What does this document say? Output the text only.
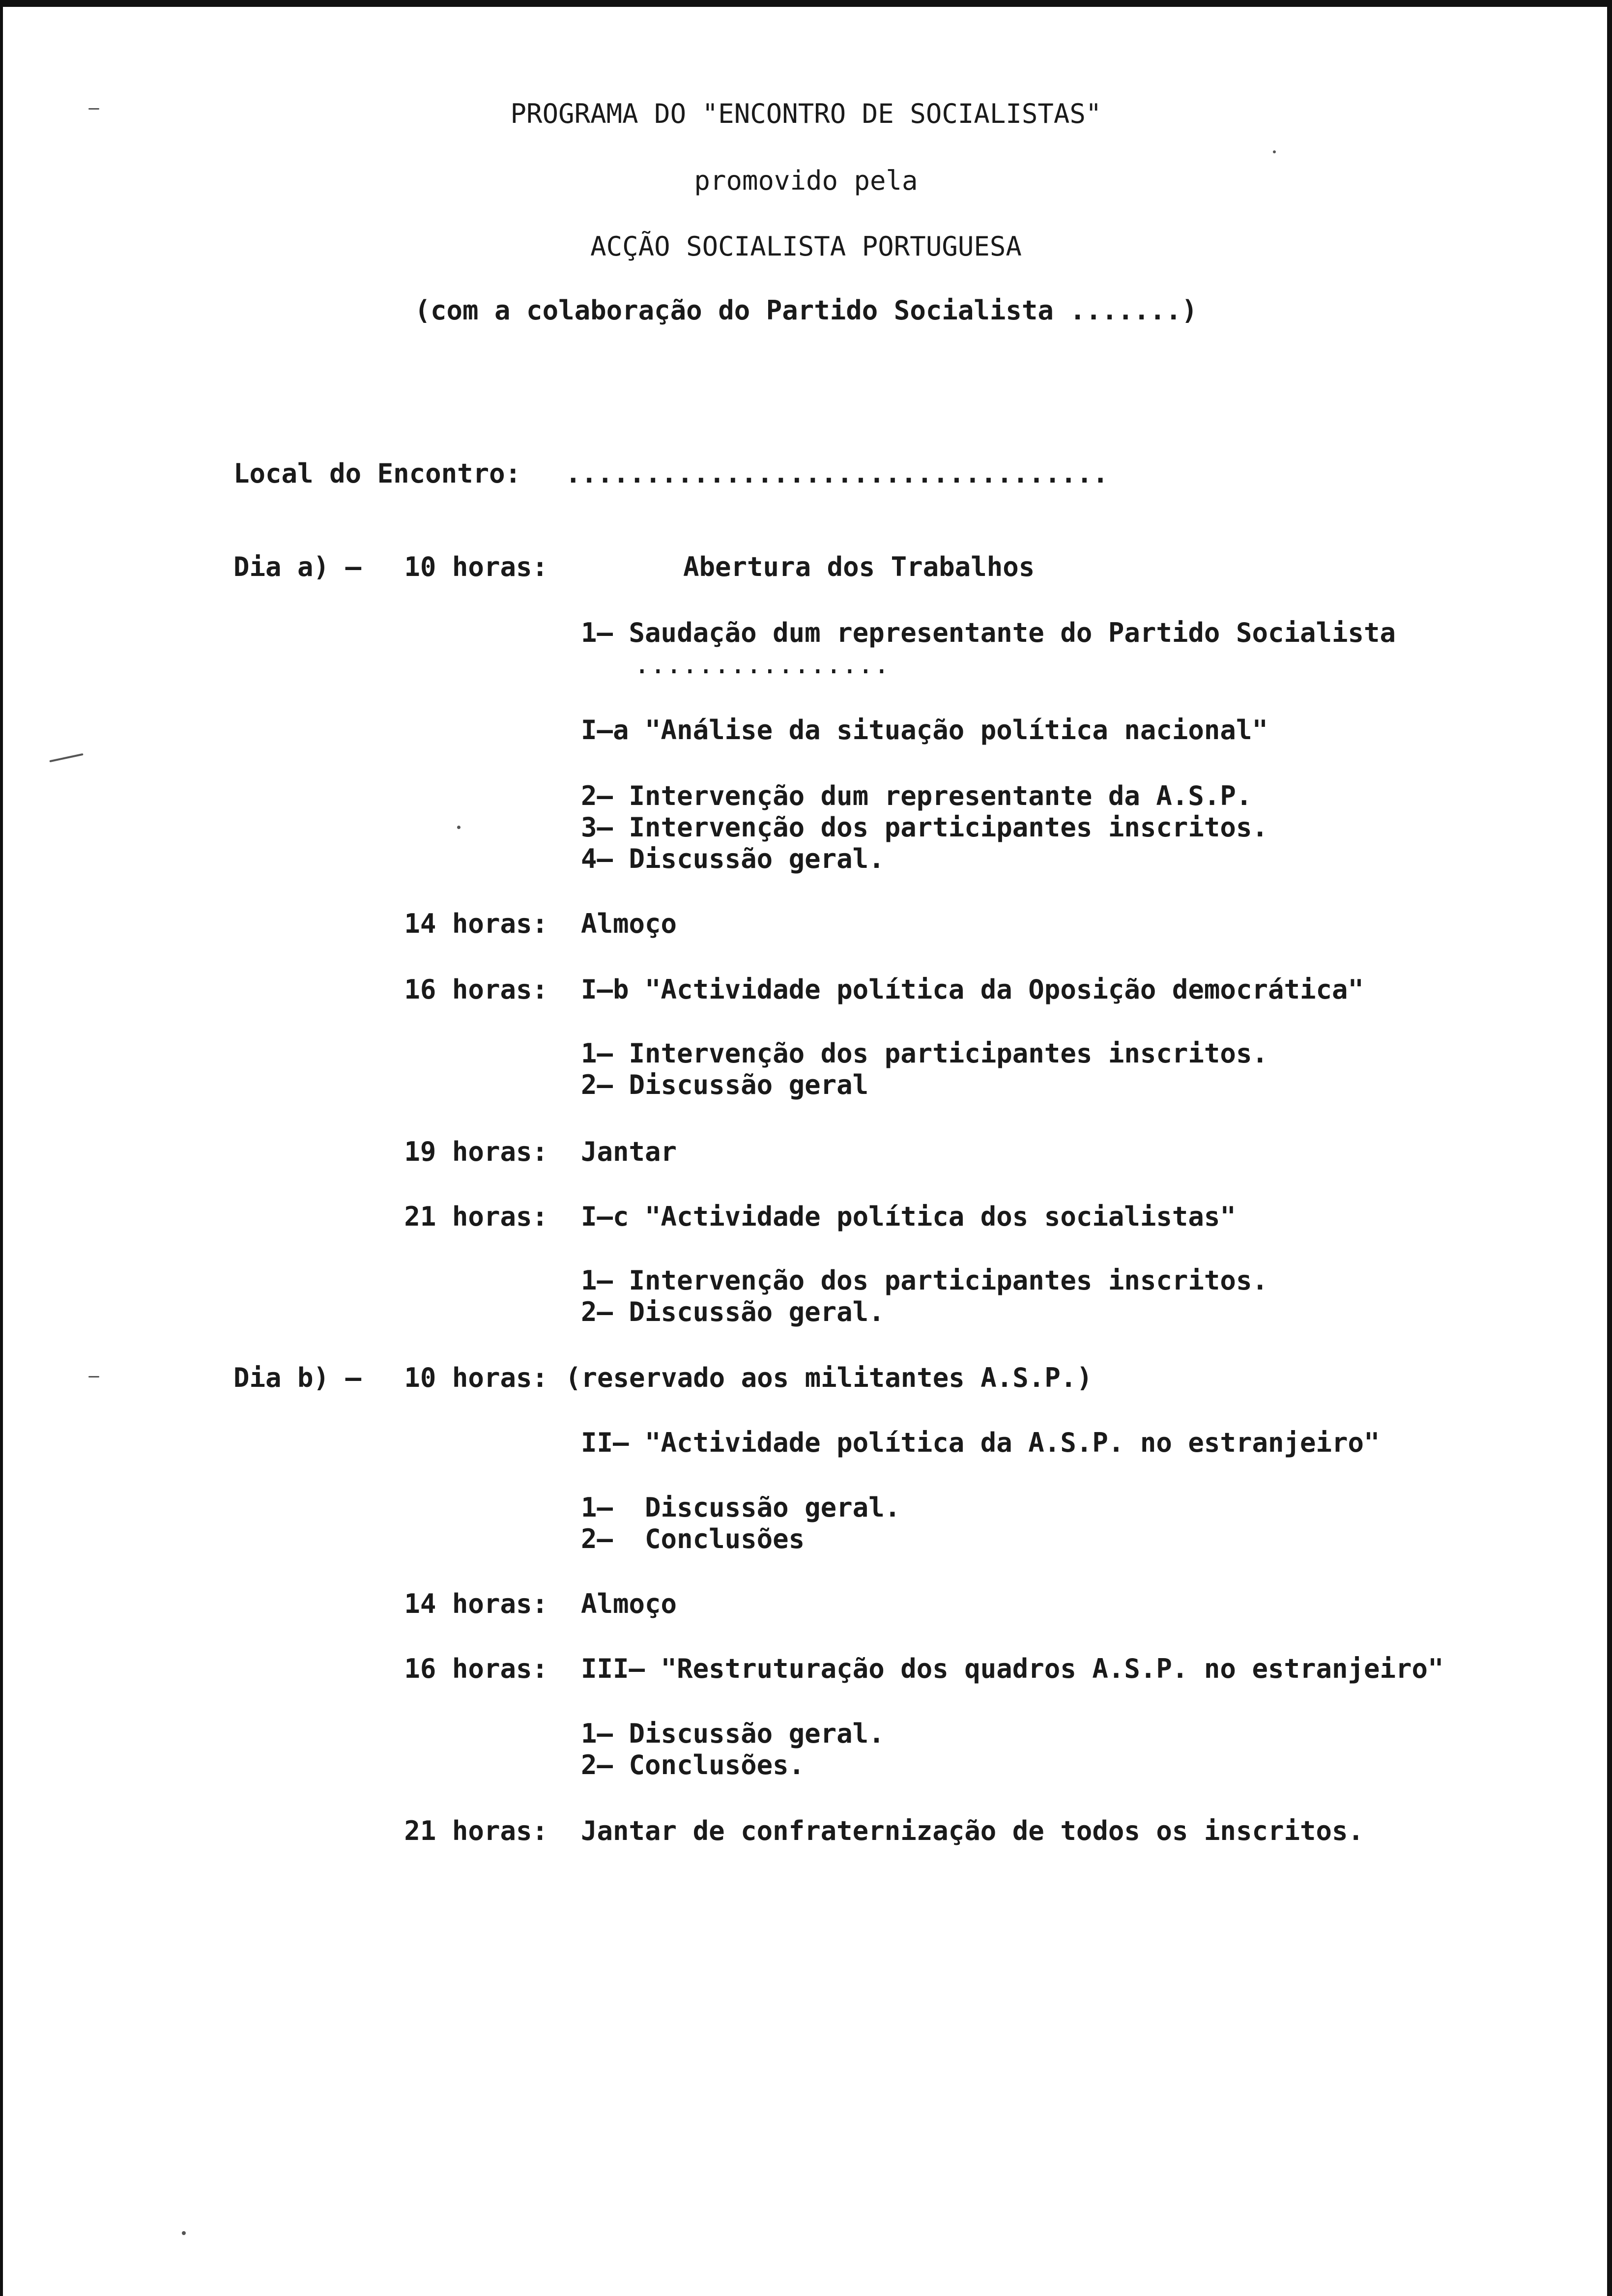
PROGRAMA DO "ENCONTRO DE SOCIALISTAS"
promovido pela
ACÇÃO SOCIALISTA PORTUGUESA
(com a colaboração do Partido Socialista .......)
Local do Encontro: ..................................
Dia a) –	10 horas:	Abertura dos Trabalhos
1– Saudação dum representante do Partido Socialista
................
I–a "Análise da situação política nacional"
2– Intervenção dum representante da A.S.P.
3– Intervenção dos participantes inscritos.
4– Discussão geral.
14 horas: Almoço
16 horas: I–b "Actividade política da Oposição democrática"
1– Intervenção dos participantes inscritos.
2– Discussão geral
19 horas: Jantar
21 horas: I–c "Actividade política dos socialistas"
1– Intervenção dos participantes inscritos.
2– Discussão geral.
Dia b) –	10 horas: (reservado aos militantes A.S.P.)
II– "Actividade política da A.S.P. no estranjeiro"
1–  Discussão geral.
2–  Conclusões
14 horas: Almoço
16 horas: III– "Restruturação dos quadros A.S.P. no estranjeiro"
1– Discussão geral.
2– Conclusões.
21 horas: Jantar de confraternização de todos os inscritos.
